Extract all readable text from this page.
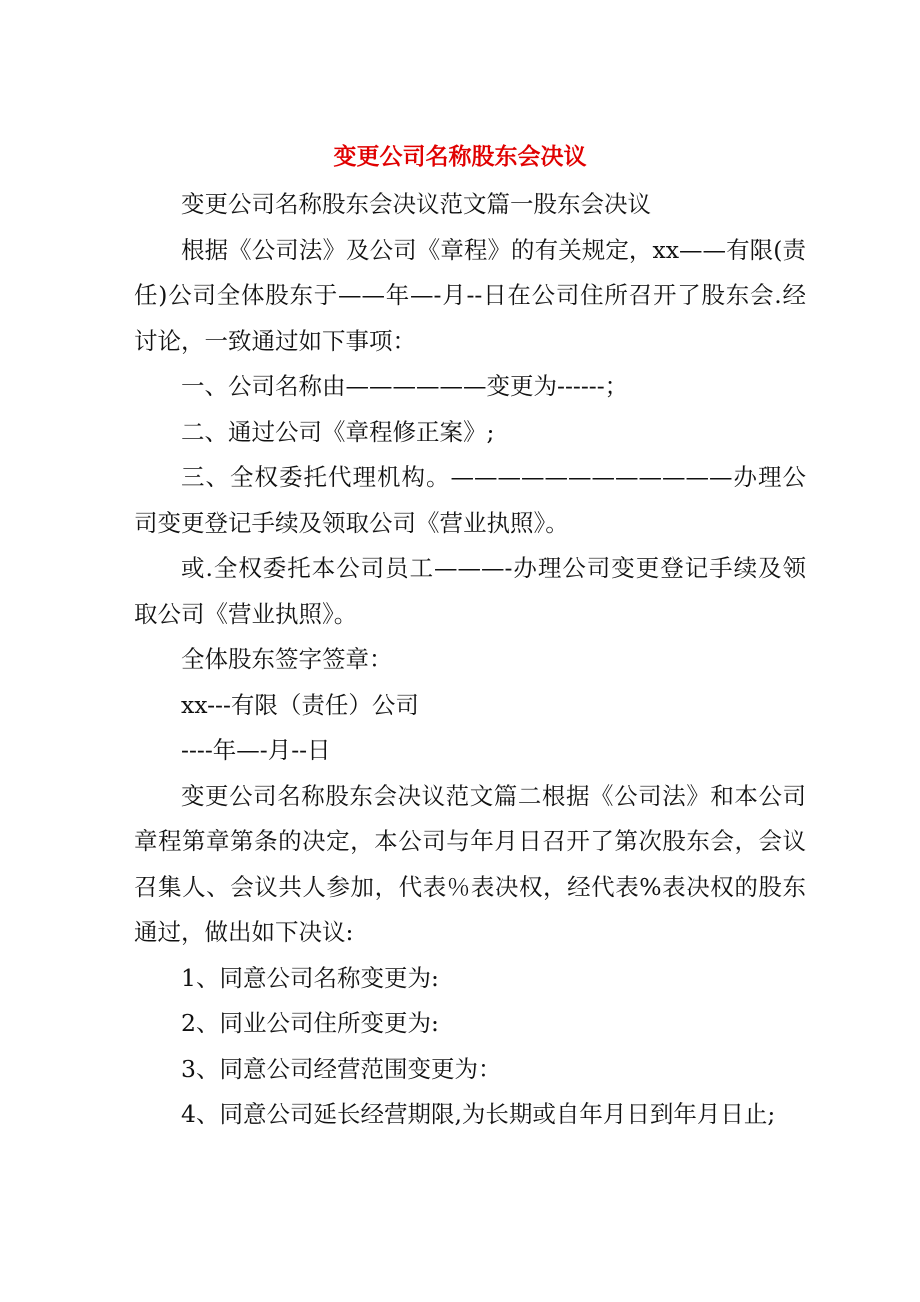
变更公司名称股东会决议

变更公司名称股东会决议范文篇一股东会决议

根据《公司法》及公司《章程》的有关规定，xx——有限(责任)公司全体股东于——年—-月--日在公司住所召开了股东会.经讨论，一致通过如下事项：

一、公司名称由——————变更为------；

二、通过公司《章程修正案》;

三、全权委托代理机构。————————————办理公司变更登记手续及领取公司《营业执照》。

或.全权委托本公司员工———-办理公司变更登记手续及领取公司《营业执照》。

全体股东签字签章：

xx---有限（责任）公司

----年—-月--日

变更公司名称股东会决议范文篇二根据《公司法》和本公司章程第章第条的决定，本公司与年月日召开了第次股东会，会议召集人、会议共人参加，代表％表决权，经代表%表决权的股东通过，做出如下决议:

1、同意公司名称变更为:

2、同业公司住所变更为:

3、同意公司经营范围变更为：

4、同意公司延长经营期限,为长期或自年月日到年月日止;
